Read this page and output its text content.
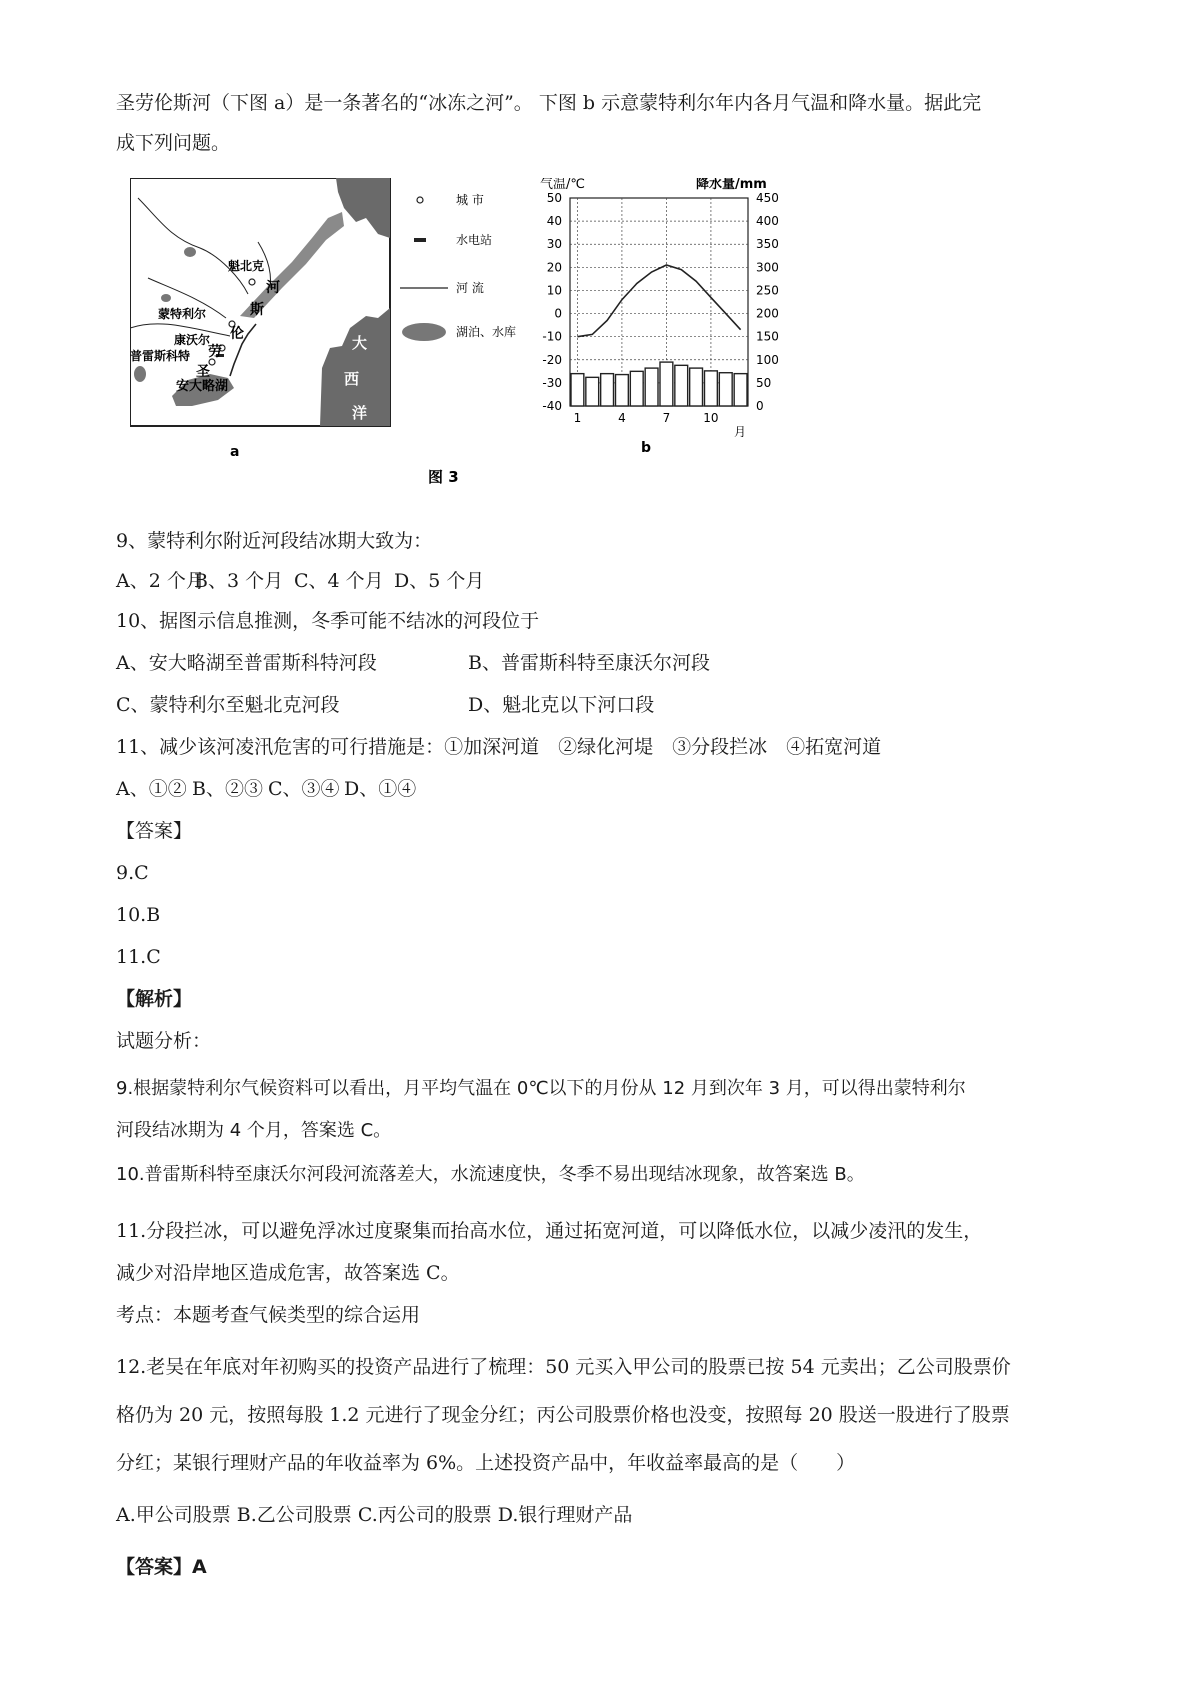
圣劳伦斯河（下图 a）是一条著名的“冰冻之河”。 下图 b 示意蒙特利尔年内各月气温和降水量。据此完
成下列问题。
魁北克
蒙特利尔
康沃尔
普雷斯科特
安大略湖
河
斯
伦
劳
圣
大
西
洋
a
城 市
水电站
河 流
湖泊、水库
气温/℃	降水量/mm
50
40
30
20
10
0
-10
-20
-30
-40
450
400
350
300
250
200
150
100
50
0
1	4	7	10
b
月
图 3
9、蒙特利尔附近河段结冰期大致为：
A、2 个月B、3 个月 C、4 个月 D、5 个月
10、据图示信息推测，冬季可能不结冰的河段位于
A、安大略湖至普雷斯科特河段	B、普雷斯科特至康沃尔河段
C、蒙特利尔至魁北克河段	D、魁北克以下河口段
11、减少该河凌汛危害的可行措施是：①加深河道　②绿化河堤　③分段拦冰　④拓宽河道
A、①② B、②③ C、③④ D、①④
【答案】
9.C
10.B
11.C
【解析】
试题分析：
9.根据蒙特利尔气候资料可以看出，月平均气温在 0℃以下的月份从 12 月到次年 3 月，可以得出蒙特利尔
河段结冰期为 4 个月，答案选 C。
10.普雷斯科特至康沃尔河段河流落差大，水流速度快，冬季不易出现结冰现象，故答案选 B。
11.分段拦冰，可以避免浮冰过度聚集而抬高水位，通过拓宽河道，可以降低水位，以减少凌汛的发生，
减少对沿岸地区造成危害，故答案选 C。
考点：本题考查气候类型的综合运用
12.老吴在年底对年初购买的投资产品进行了梳理：50 元买入甲公司的股票已按 54 元卖出；乙公司股票价
格仍为 20 元，按照每股 1.2 元进行了现金分红；丙公司股票价格也没变，按照每 20 股送一股进行了股票
分红；某银行理财产品的年收益率为 6%。上述投资产品中，年收益率最高的是（　　）
A.甲公司股票 B.乙公司股票 C.丙公司的股票 D.银行理财产品
【答案】A
